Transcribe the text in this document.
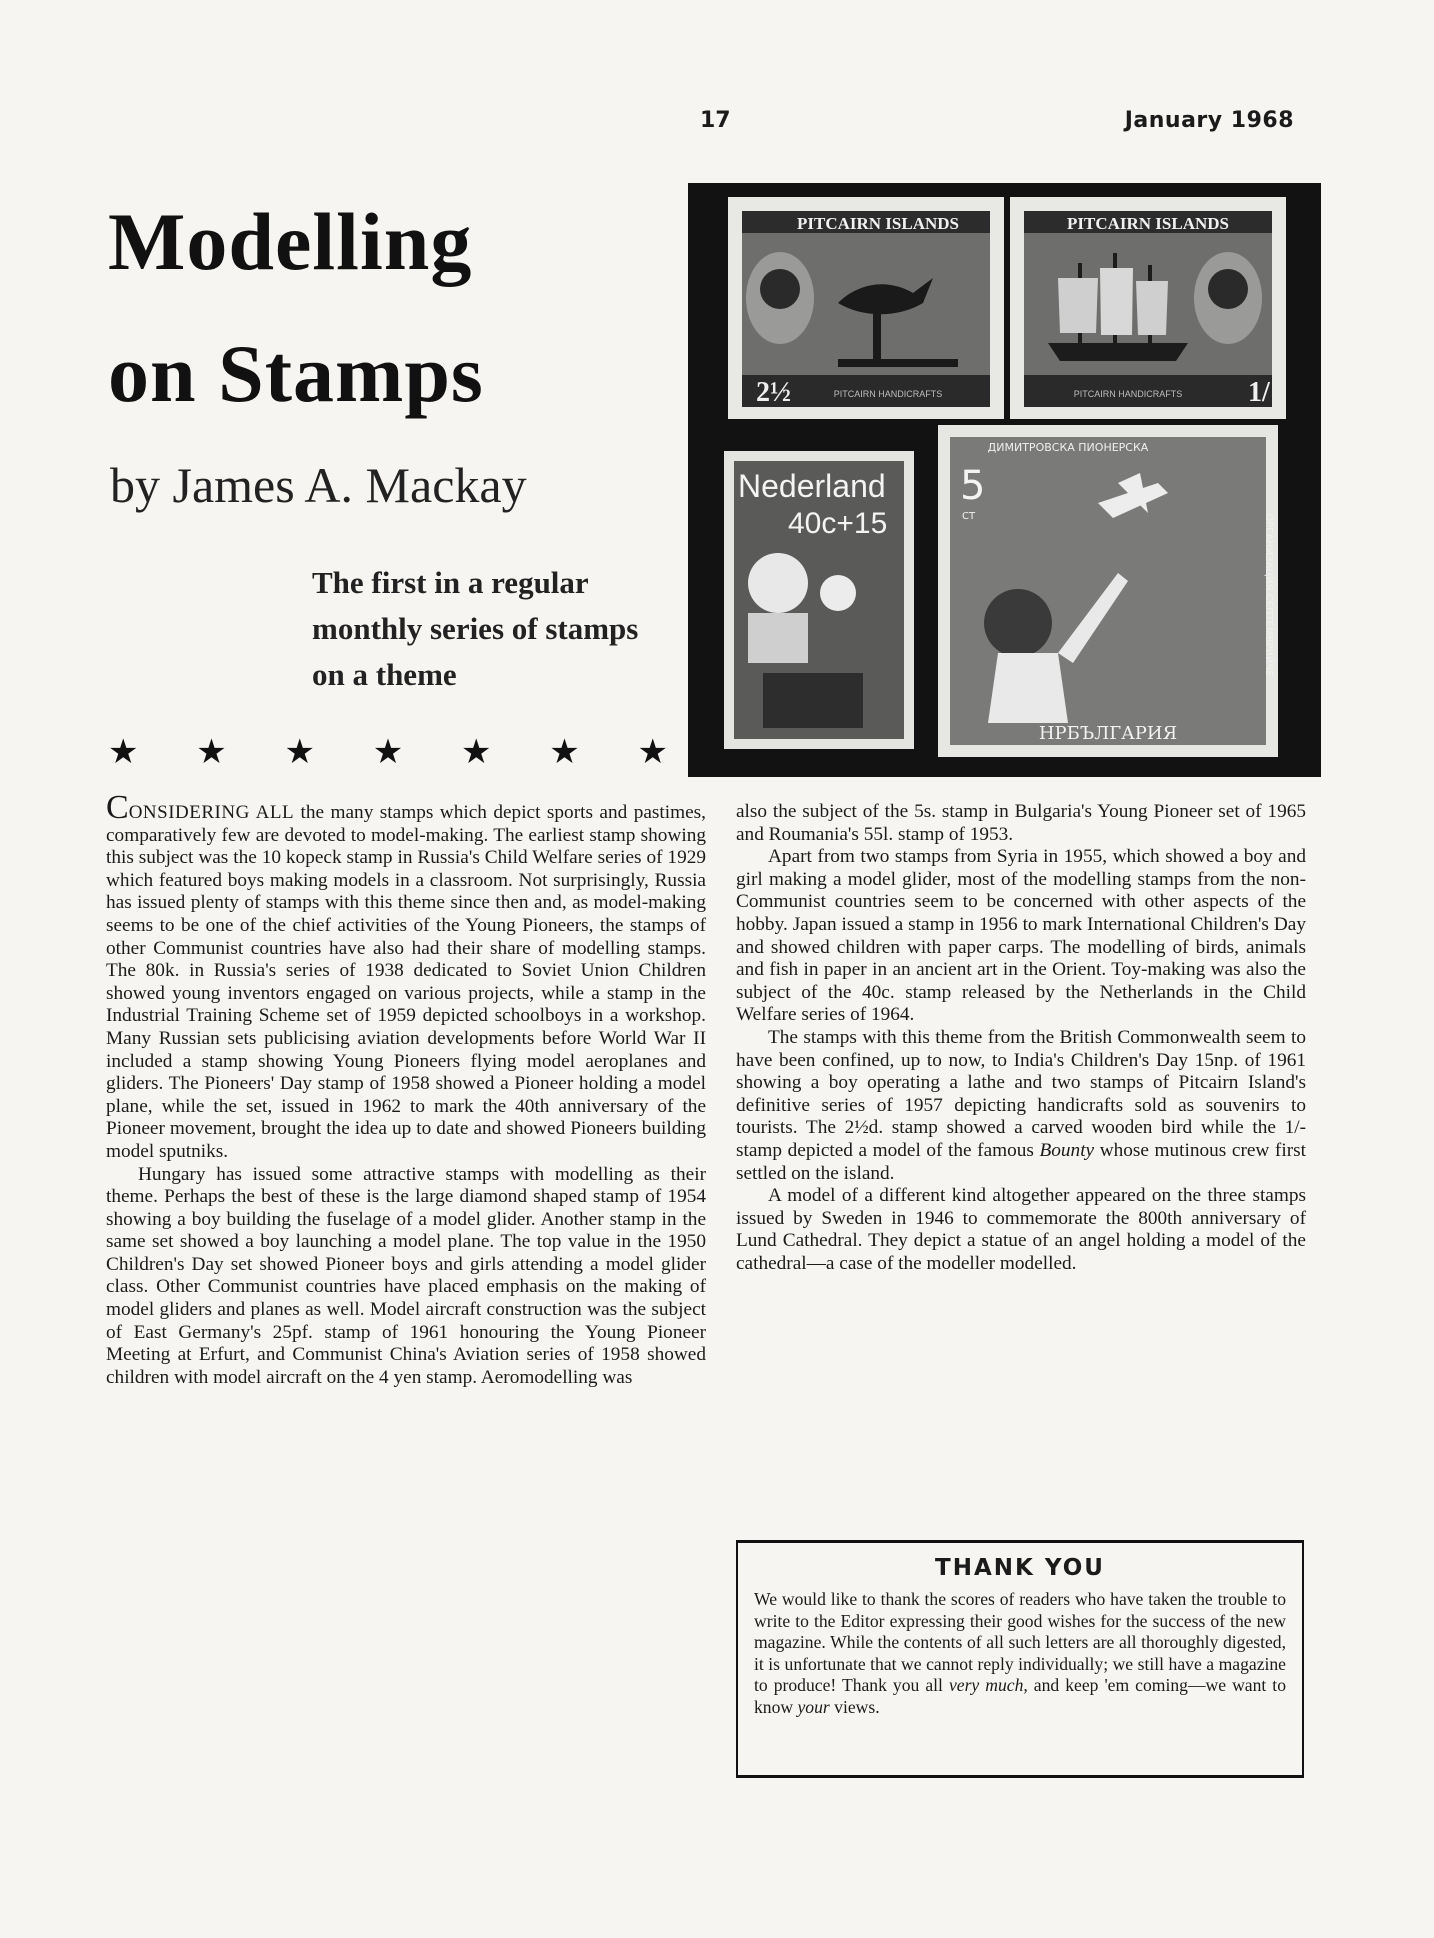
17	January 1968
Modelling
on Stamps
by James A. Mackay
The first in a regular monthly series of stamps on a theme
★ ★ ★ ★ ★ ★ ★
PITCAIRN ISLANDS
2½	PITCAIRN HANDICRAFTS
PITCAIRN ISLANDS
PITCAIRN HANDICRAFTS 1/
Nederland
40c+15
ДИМИТРОВСКА ПИОНЕРСКА
5
СТ	ОРГАНИЗАЦИЯ СЕПТЕМВРИЙЧЕ
НРБЪЛГАРИЯ

CONSIDERING ALL the many stamps which depict sports and pastimes, comparatively few are devoted to model-making. The earliest stamp showing this subject was the 10 kopeck stamp in Russia's Child Welfare series of 1929 which featured boys making models in a classroom. Not surprisingly, Russia has issued plenty of stamps with this theme since then and, as model-making seems to be one of the chief activities of the Young Pioneers, the stamps of other Communist countries have also had their share of modelling stamps. The 80k. in Russia's series of 1938 dedicated to Soviet Union Children showed young inventors engaged on various projects, while a stamp in the Industrial Training Scheme set of 1959 depicted schoolboys in a workshop. Many Russian sets publicising aviation developments before World War II included a stamp showing Young Pioneers flying model aeroplanes and gliders. The Pioneers' Day stamp of 1958 showed a Pioneer holding a model plane, while the set, issued in 1962 to mark the 40th anniversary of the Pioneer movement, brought the idea up to date and showed Pioneers building model sputniks.

Hungary has issued some attractive stamps with modelling as their theme. Perhaps the best of these is the large diamond shaped stamp of 1954 showing a boy building the fuselage of a model glider. Another stamp in the same set showed a boy launching a model plane. The top value in the 1950 Children's Day set showed Pioneer boys and girls attending a model glider class. Other Communist countries have placed emphasis on the making of model gliders and planes as well. Model aircraft construction was the subject of East Germany's 25pf. stamp of 1961 honouring the Young Pioneer Meeting at Erfurt, and Communist China's Aviation series of 1958 showed children with model aircraft on the 4 yen stamp. Aeromodelling was

also the subject of the 5s. stamp in Bulgaria's Young Pioneer set of 1965 and Roumania's 55l. stamp of 1953.

Apart from two stamps from Syria in 1955, which showed a boy and girl making a model glider, most of the modelling stamps from the non-Communist countries seem to be concerned with other aspects of the hobby. Japan issued a stamp in 1956 to mark International Children's Day and showed children with paper carps. The modelling of birds, animals and fish in paper in an ancient art in the Orient. Toy-making was also the subject of the 40c. stamp released by the Netherlands in the Child Welfare series of 1964.

The stamps with this theme from the British Commonwealth seem to have been confined, up to now, to India's Children's Day 15np. of 1961 showing a boy operating a lathe and two stamps of Pitcairn Island's definitive series of 1957 depicting handicrafts sold as souvenirs to tourists. The 2½d. stamp showed a carved wooden bird while the 1/- stamp depicted a model of the famous Bounty whose mutinous crew first settled on the island.

A model of a different kind altogether appeared on the three stamps issued by Sweden in 1946 to commemorate the 800th anniversary of Lund Cathedral. They depict a statue of an angel holding a model of the cathedral—a case of the modeller modelled.

THANK YOU
We would like to thank the scores of readers who have taken the trouble to write to the Editor expressing their good wishes for the success of the new magazine. While the contents of all such letters are all thoroughly digested, it is unfortunate that we cannot reply individually; we still have a magazine to produce! Thank you all very much, and keep 'em coming—we want to know your views.
